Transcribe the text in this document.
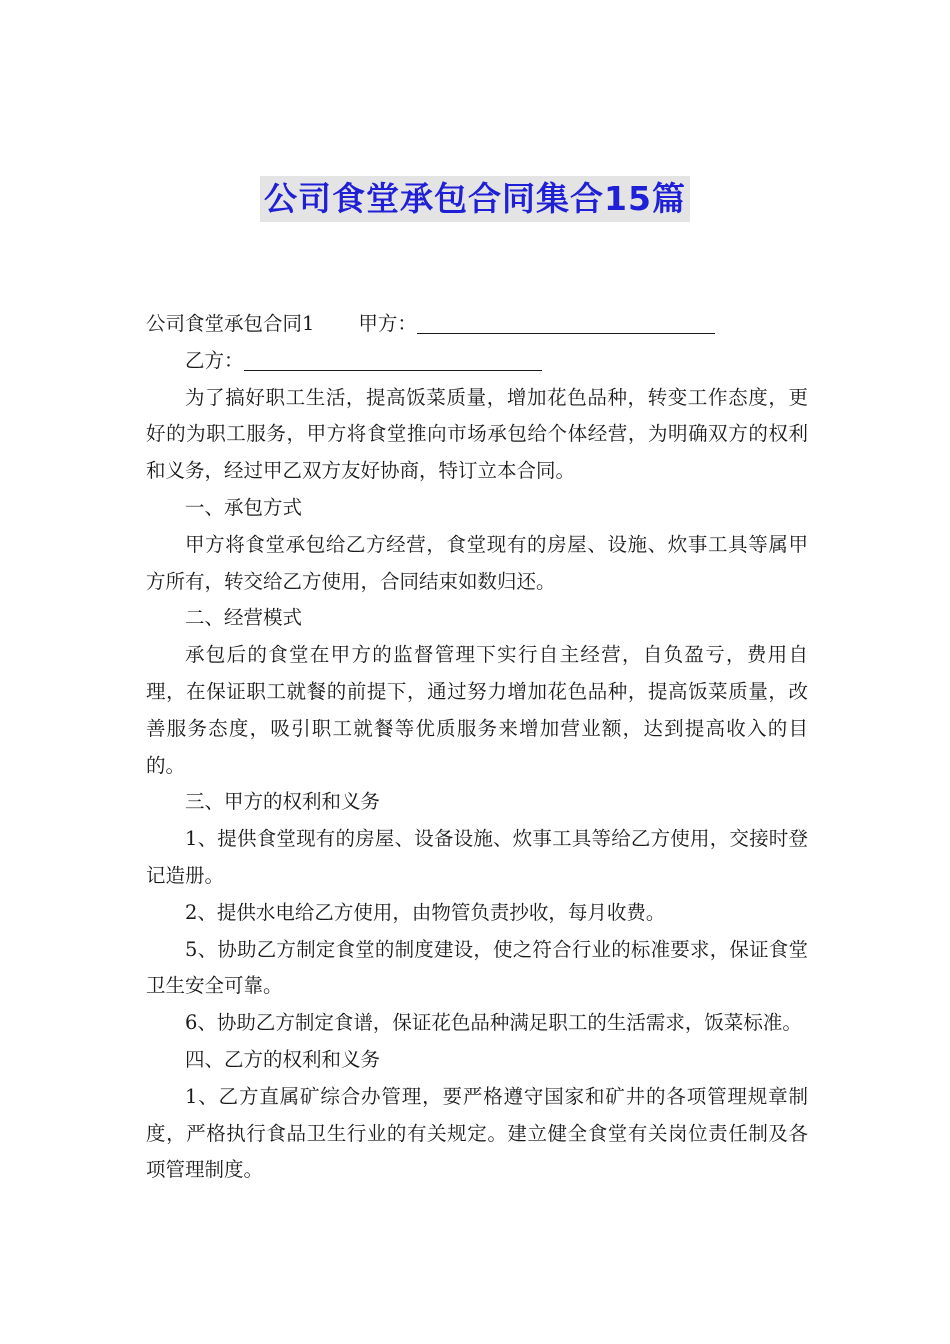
公司食堂承包合同集合15篇

公司食堂承包合同1 甲方：

乙方：

为了搞好职工生活，提高饭菜质量，增加花色品种，转变工作态度，更好的为职工服务，甲方将食堂推向市场承包给个体经营，为明确双方的权利和义务，经过甲乙双方友好协商，特订立本合同。

一、承包方式

甲方将食堂承包给乙方经营，食堂现有的房屋、设施、炊事工具等属甲方所有，转交给乙方使用，合同结束如数归还。

二、经营模式

承包后的食堂在甲方的监督管理下实行自主经营，自负盈亏，费用自理，在保证职工就餐的前提下，通过努力增加花色品种，提高饭菜质量，改善服务态度，吸引职工就餐等优质服务来增加营业额，达到提高收入的目的。

三、甲方的权利和义务

1、提供食堂现有的房屋、设备设施、炊事工具等给乙方使用，交接时登记造册。

2、提供水电给乙方使用，由物管负责抄收，每月收费。

5、协助乙方制定食堂的制度建设，使之符合行业的标准要求，保证食堂卫生安全可靠。

6、协助乙方制定食谱，保证花色品种满足职工的生活需求，饭菜标准。

四、乙方的权利和义务

1、乙方直属矿综合办管理，要严格遵守国家和矿井的各项管理规章制度，严格执行食品卫生行业的有关规定。建立健全食堂有关岗位责任制及各项管理制度。
